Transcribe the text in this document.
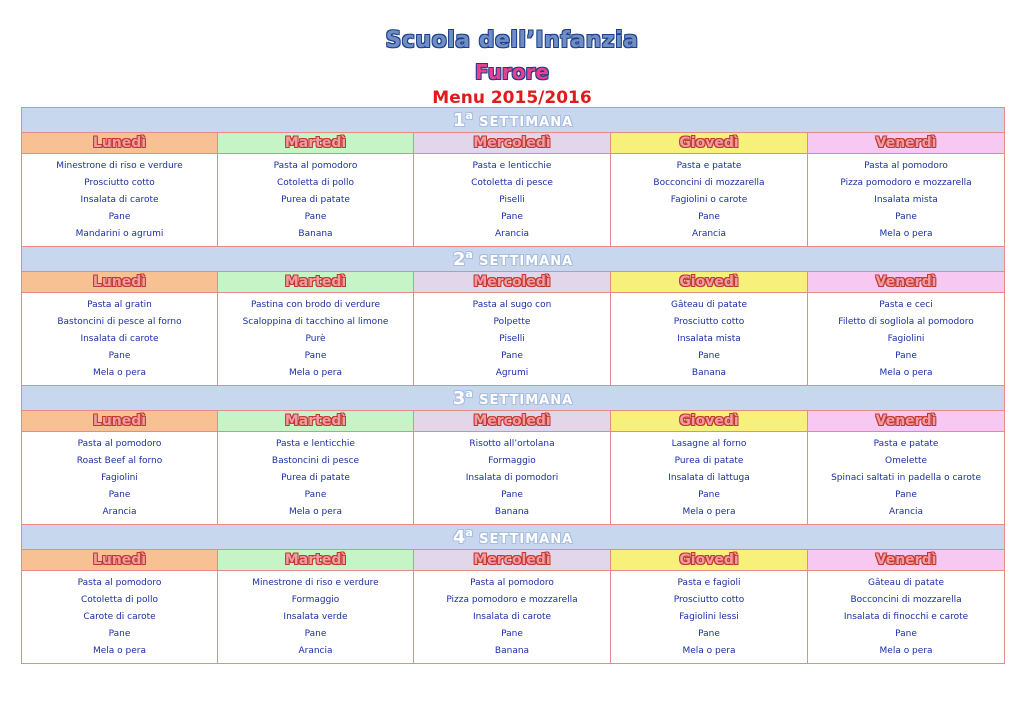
Scuola dell’Infanzia
Furore
Menu 2015/2016
1$^a$ SETTIMANA				
Lunedì	Martedì	Mercoledì	Giovedì	Venerdì

Minestrone di riso e verdure
Prosciutto cotto
Insalata di carote
Pane
Mandarini o agrumi	Pasta al pomodoro
Cotoletta di pollo
Purea di patate
Pane
Banana	Pasta e lenticchie
Cotoletta di pesce
Piselli
Pane
Arancia	Pasta e patate
Bocconcini di mozzarella
Fagiolini o carote
Pane
Arancia	Pasta al pomodoro
Pizza pomodoro e mozzarella
Insalata mista
Pane
Mela o pera

2$^a$ SETTIMANA				
Lunedì	Martedì	Mercoledì	Giovedì	Venerdì

Pasta al gratin
Bastoncini di pesce al forno
Insalata di carote
Pane
Mela o pera	Pastina con brodo di verdure
Scaloppina di tacchino al limone
Purè
Pane
Mela o pera	Pasta al sugo con
Polpette
Piselli
Pane
Agrumi	Gâteau di patate
Prosciutto cotto
Insalata mista
Pane
Banana	Pasta e ceci
Filetto di sogliola al pomodoro
Fagiolini
Pane
Mela o pera

3$^a$ SETTIMANA				
Lunedì	Martedì	Mercoledì	Giovedì	Venerdì

Pasta al pomodoro
Roast Beef al forno
Fagiolini
Pane
Arancia	Pasta e lenticchie
Bastoncini di pesce
Purea di patate
Pane
Mela o pera	Risotto all’ortolana
Formaggio
Insalata di pomodori
Pane
Banana	Lasagne al forno
Purea di patate
Insalata di lattuga
Pane
Mela o pera	Pasta e patate
Omelette
Spinaci saltati in padella o carote
Pane
Arancia

4$^a$ SETTIMANA				
Lunedì	Martedì	Mercoledì	Giovedì	Venerdì

Pasta al pomodoro
Cotoletta di pollo
Carote di carote
Pane
Mela o pera	Minestrone di riso e verdure
Formaggio
Insalata verde
Pane
Arancia	Pasta al pomodoro
Pizza pomodoro e mozzarella
Insalata di carote
Pane
Banana	Pasta e fagioli
Prosciutto cotto
Fagiolini lessi
Pane
Mela o pera	Gâteau di patate
Bocconcini di mozzarella
Insalata di finocchi e carote
Pane
Mela o pera
